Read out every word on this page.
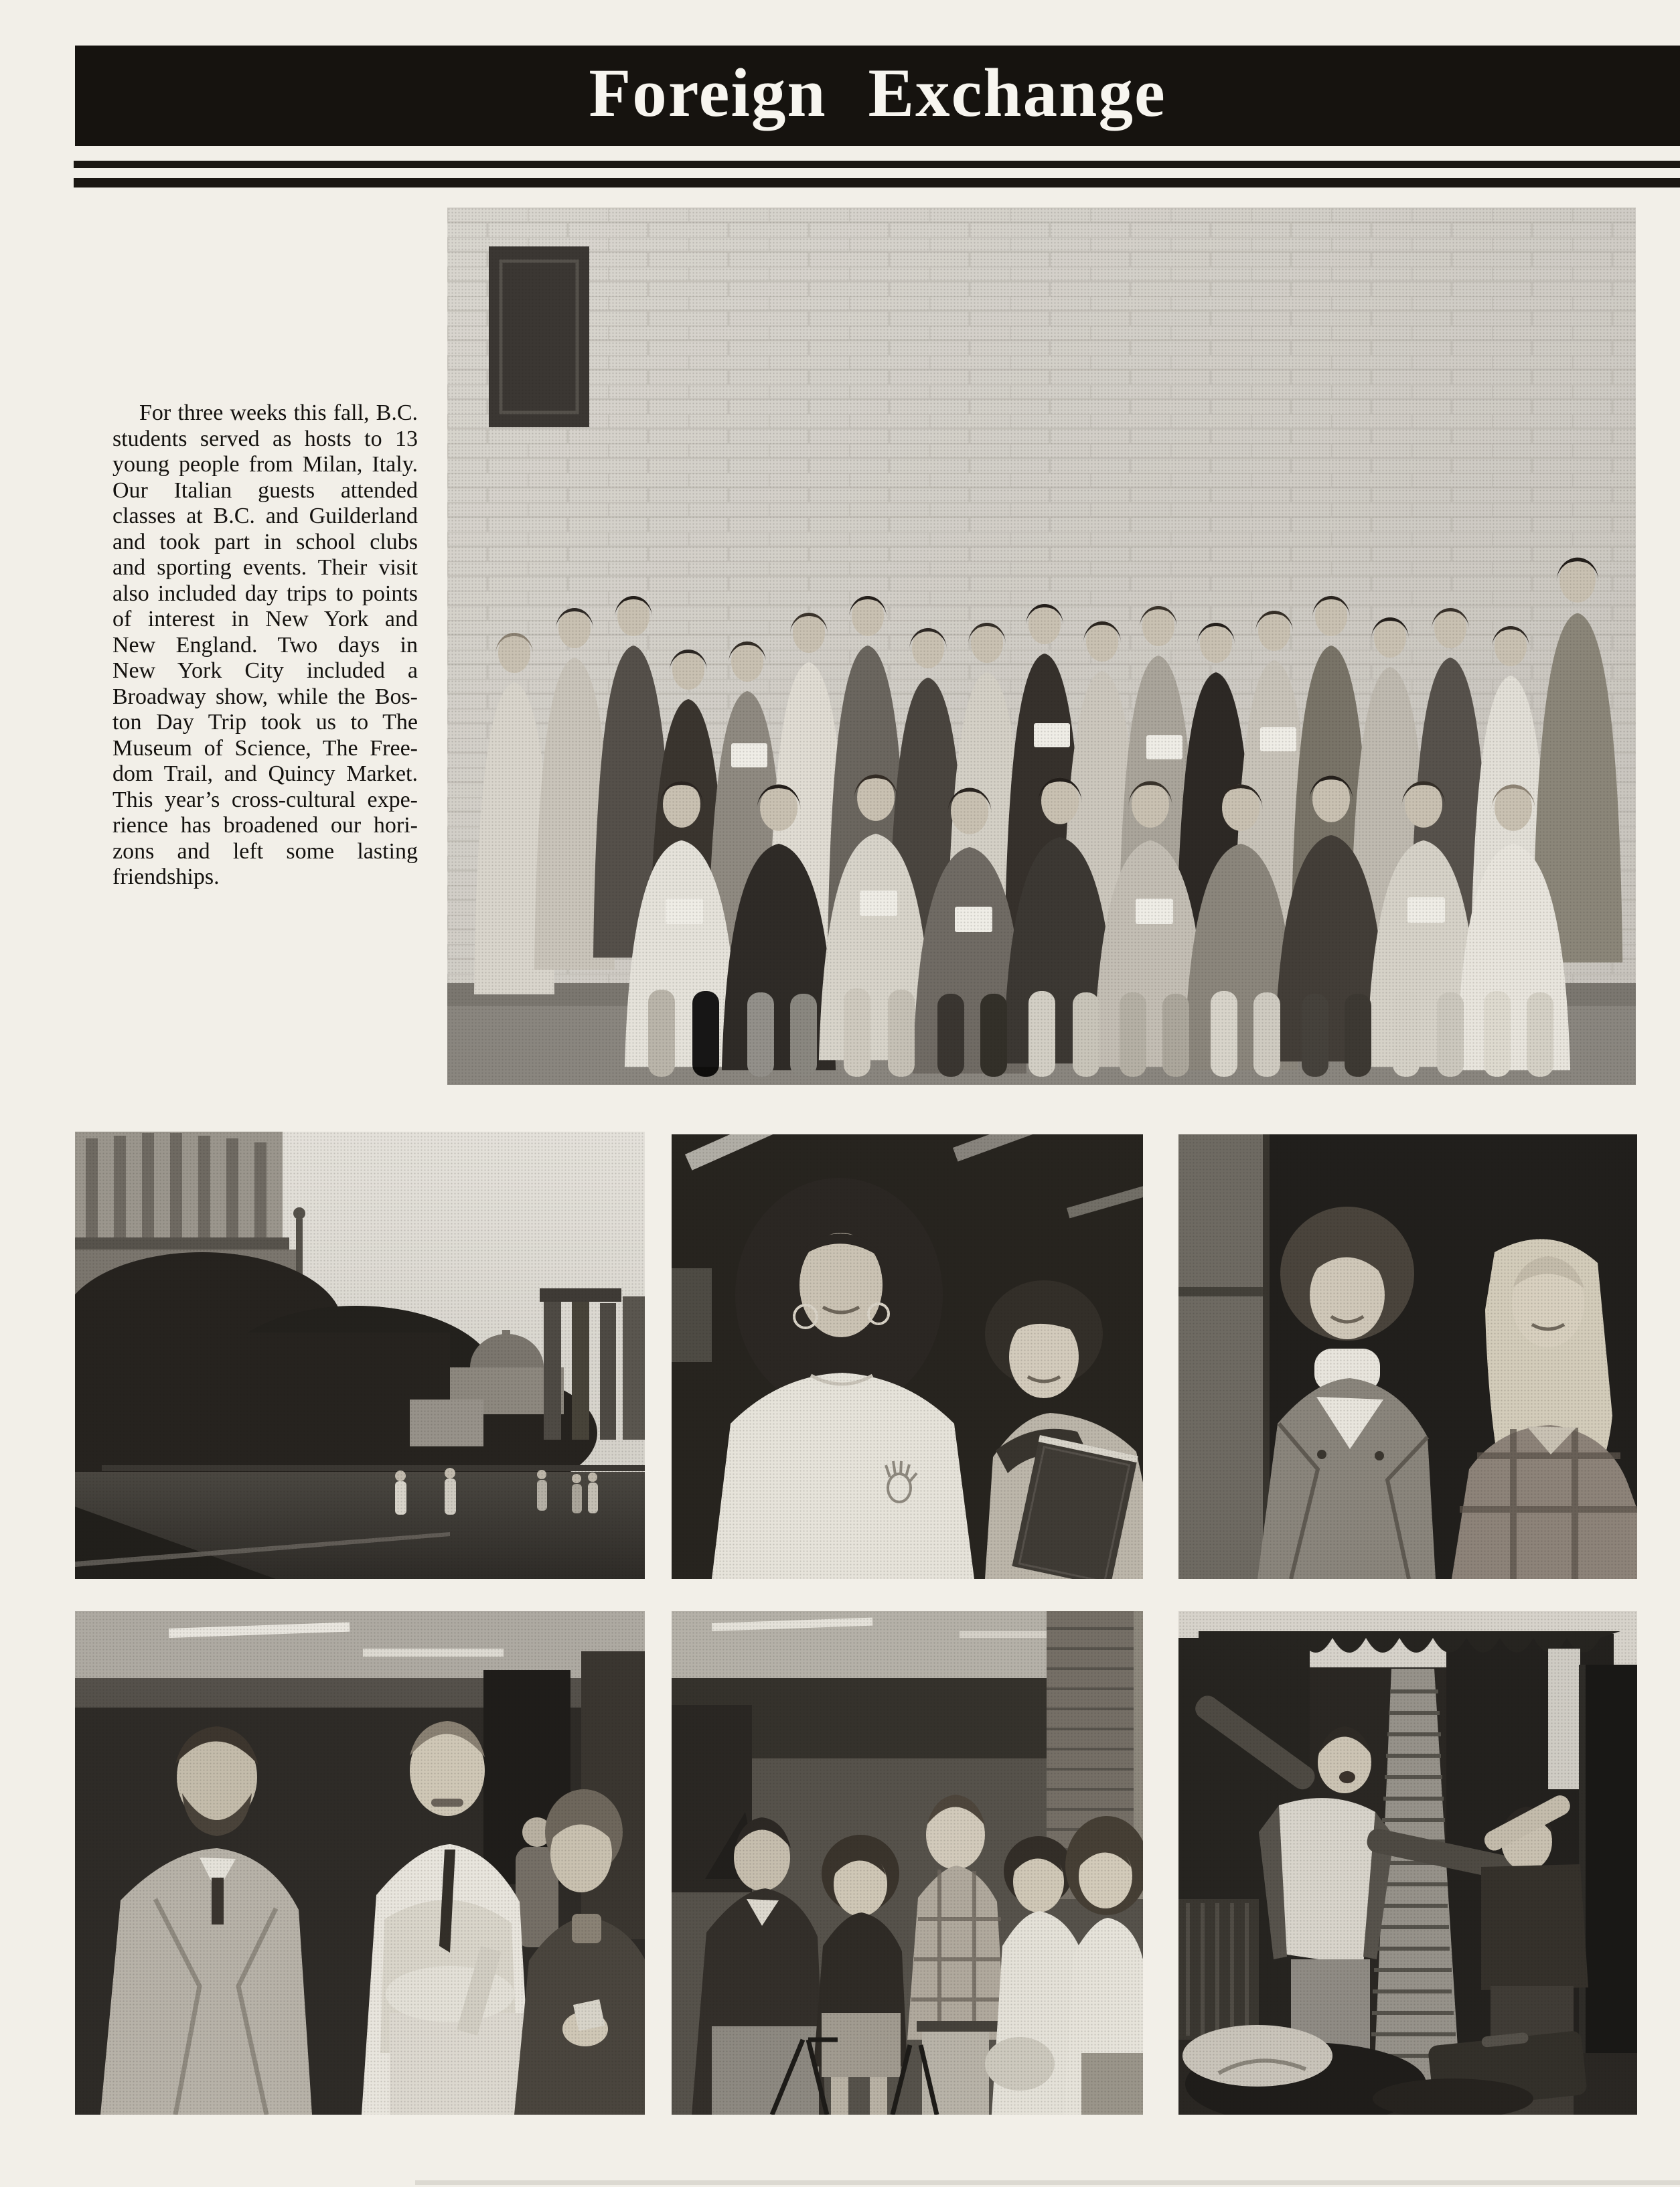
Foreign Exchange
For three weeks this fall, B.C.
students served as hosts to 13
young people from Milan, Italy.
Our Italian guests attended
classes at B.C. and Guilderland
and took part in school clubs
and sporting events. Their visit
also included day trips to points
of interest in New York and
New England. Two days in
New York City included a
Broadway show, while the Bos-
ton Day Trip took us to The
Museum of Science, The Free-
dom Trail, and Quincy Market.
This year’s cross-cultural expe-
rience has broadened our hori-
zons and left some lasting
friendships.
